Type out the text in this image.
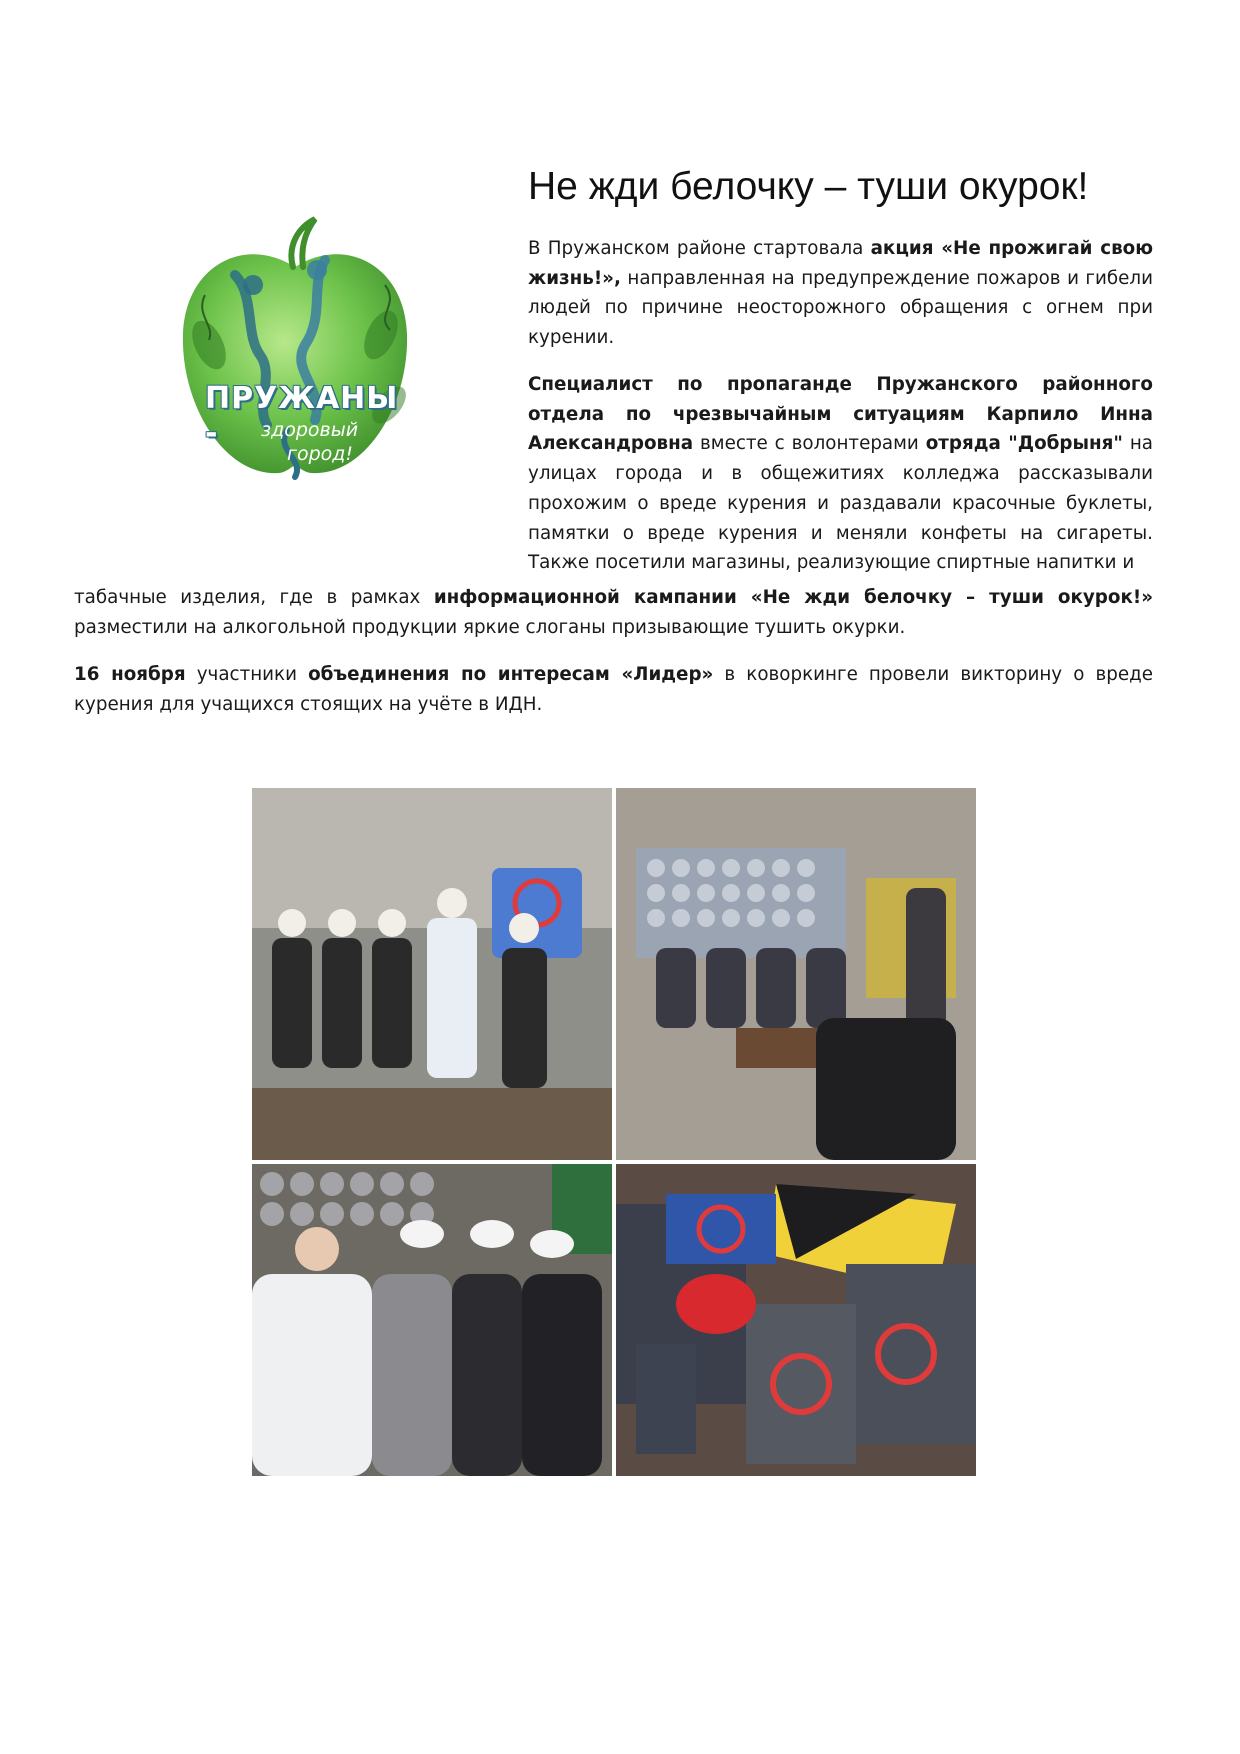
ПРУЖАНЫ -	здоровый
город!
Не жди белочку – туши окурок!

В Пружанском районе стартовала акция «Не прожигай свою жизнь!», направленная на предупреждение пожаров и гибели людей по причине неосторожного обращения с огнем при курении.

Специалист по пропаганде Пружанского районного отдела по чрезвычайным ситуациям Карпило Инна Александровна вместе с волонтерами отряда "Добрыня" на улицах города и в общежитиях колледжа рассказывали прохожим о вреде курения и раздавали красочные буклеты, памятки о вреде курения и меняли конфеты на сигареты. Также посетили магазины, реализующие спиртные напитки и

табачные изделия, где в рамках информационной кампании «Не жди белочку – туши окурок!» разместили на алкогольной продукции яркие слоганы призывающие тушить окурки.

16 ноября участники объединения по интересам «Лидер» в коворкинге провели викторину о вреде курения для учащихся стоящих на учёте в ИДН.
